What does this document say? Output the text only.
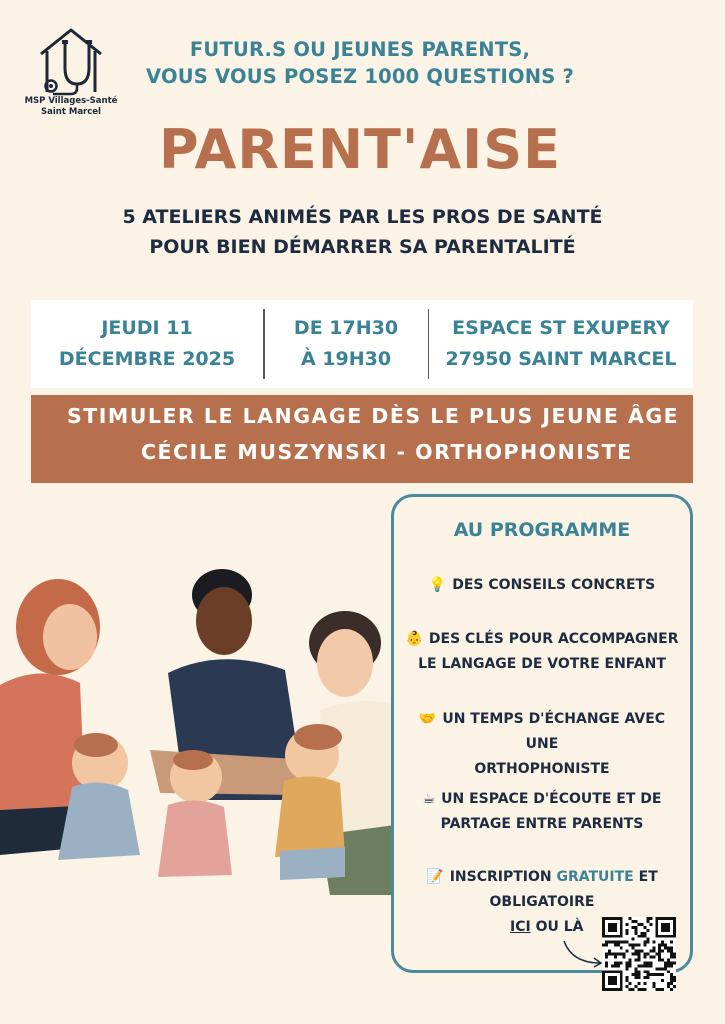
MSP Villages-Santé
Saint Marcel
FUTUR.S OU JEUNES PARENTS,
VOUS VOUS POSEZ 1000 QUESTIONS ?
PARENT'AISE
5 ATELIERS ANIMÉS PAR LES PROS DE SANTÉ
POUR BIEN DÉMARRER SA PARENTALITÉ
JEUDI 11
DÉCEMBRE 2025
DE 17H30
À 19H30
ESPACE ST EXUPERY
27950 SAINT MARCEL
STIMULER LE LANGAGE DÈS LE PLUS JEUNE ÂGE
CÉCILE MUSZYNSKI - ORTHOPHONISTE
AU PROGRAMME
💡 DES CONSEILS CONCRETS
👶 DES CLÉS POUR ACCOMPAGNER
LE LANGAGE DE VOTRE ENFANT
🤝 UN TEMPS D'ÉCHANGE AVEC UNE
ORTHOPHONISTE
☕ UN ESPACE D'ÉCOUTE ET DE
PARTAGE ENTRE PARENTS
📝 INSCRIPTION GRATUITE ET
OBLIGATOIRE
ICI OU LÀ
